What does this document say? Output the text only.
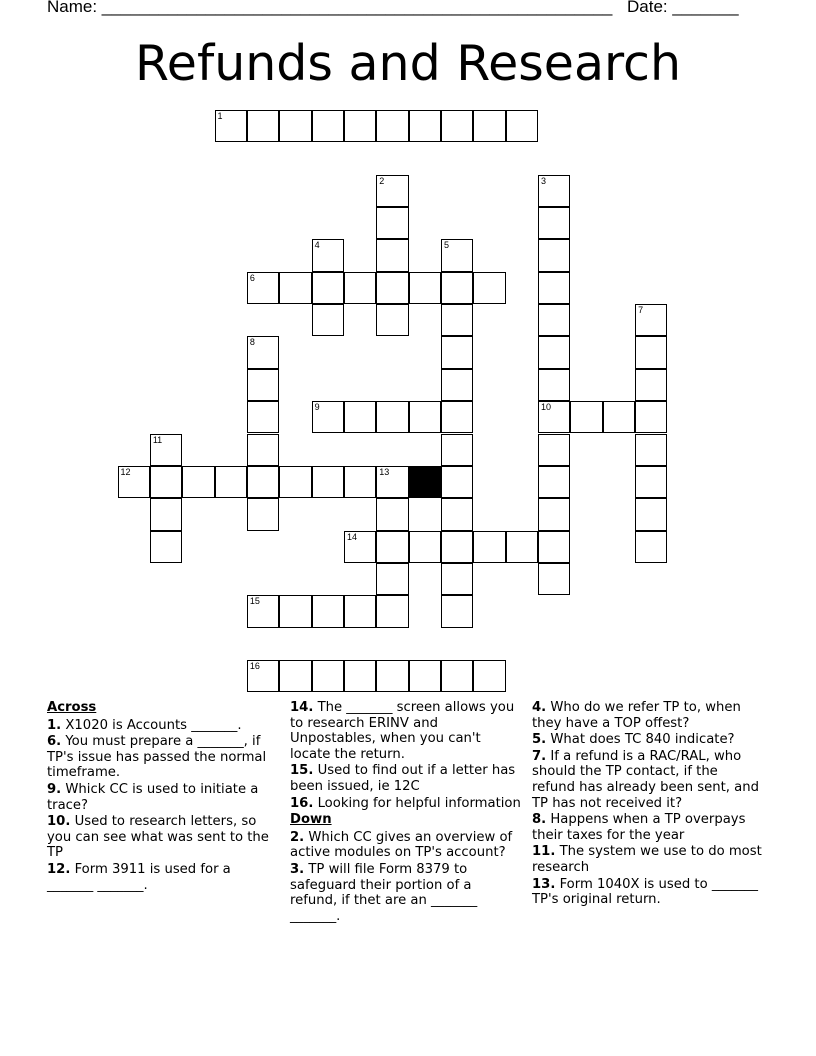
Name: ______________________________________________________ Date: _______
Refunds and Research
1
2	3
10
4	5
6
7
8
9
11
12	13
14
15
16
Across
1. X1020 is Accounts _______.
6. You must prepare a _______, if TP's issue has passed the normal timeframe.
9. Whick CC is used to initiate a trace?
10. Used to research letters, so you can see what was sent to the TP
12. Form 3911 is used for a _______ _______.
14. The _______ screen allows you to research ERINV and Unpostables, when you can't locate the return.
15. Used to find out if a letter has been issued, ie 12C
16. Looking for helpful information
Down
2. Which CC gives an overview of active modules on TP's account?
3. TP will file Form 8379 to safeguard their portion of a refund, if thet are an _______ _______.
4. Who do we refer TP to, when they have a TOP offest?
5. What does TC 840 indicate?
7. If a refund is a RAC/RAL, who should the TP contact, if the refund has already been sent, and TP has not received it?
8. Happens when a TP overpays their taxes for the year
11. The system we use to do most research
13. Form 1040X is used to _______ TP's original return.
